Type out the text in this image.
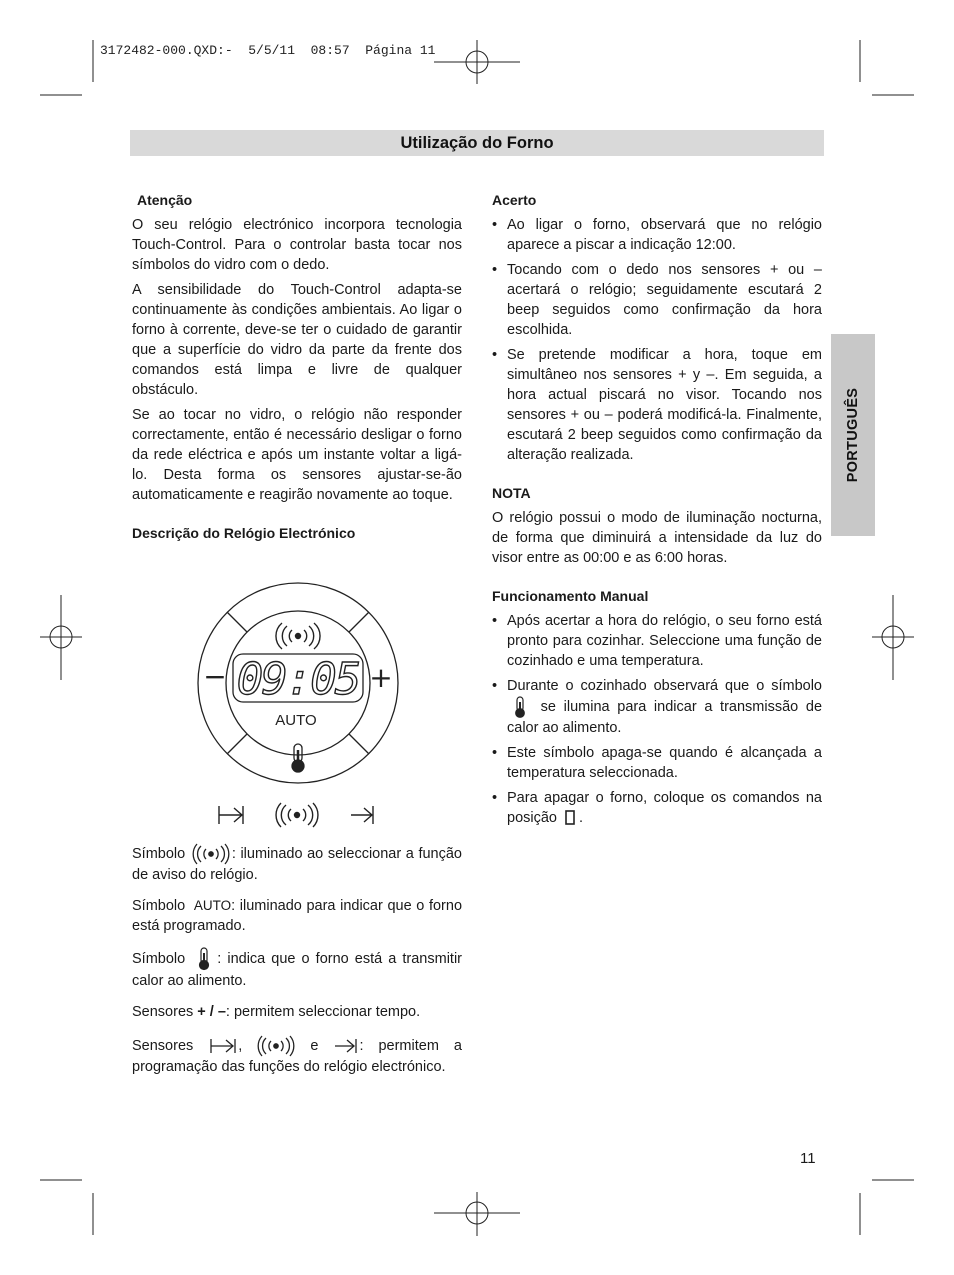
3172482-000.QXD:-  5/5/11  08:57  Página 11
Utilização do Forno
PORTUGUÊS
Atenção

O seu relógio electrónico incorpora tecnologia Touch-Control. Para o controlar basta tocar nos símbolos do vidro com o dedo.

A sensibilidade do Touch-Control adapta-se continuamente às condições ambientais. Ao ligar o forno à corrente, deve-se ter o cuidado de garantir que a superfície do vidro da parte da frente dos comandos está limpa e livre de qualquer obstáculo.

Se ao tocar no vidro, o relógio não responder correctamente, então é necessário desligar o forno da rede eléctrica e após um instante voltar a ligá-lo. Desta forma os sensores ajustar-se-ão automaticamente e reagirão novamente ao toque.

Descrição do Relógio Electrónico
09:05
−	+
AUTO

Símbolo	: iluminado ao seleccionar a função de aviso do relógio.

Símbolo AUTO: iluminado para indicar que o forno está programado.

Símbolo : indica que o forno está a transmitir calor ao alimento.

Sensores + / –: permitem seleccionar tempo.

Sensores	,	e	: permitem a programação das funções do relógio electrónico.

Acerto
• Ao ligar o forno, observará que no relógio aparece a piscar a indicação 12:00.
• Tocando com o dedo nos sensores + ou – acertará o relógio; seguidamente escutará 2 beep seguidos como confirmação da hora escolhida.
• Se pretende modificar a hora, toque em simultâneo nos sensores + y –. Em seguida, a hora actual piscará no visor. Tocando nos sensores + ou – poderá modificá-la. Finalmente, escutará 2 beep seguidos como confirmação da alteração realizada.
NOTA

O relógio possui o modo de iluminação nocturna, de forma que diminuirá a intensidade da luz do visor entre as 00:00 e as 6:00 horas.

Funcionamento Manual
• Após acertar a hora do relógio, o seu forno está pronto para cozinhar. Seleccione uma função de cozinhado e uma temperatura.
• Durante o cozinhado observará que o símbolo  se ilumina para indicar a transmissão de calor ao alimento.
• Este símbolo apaga-se quando é alcançada a temperatura seleccionada.
• Para apagar o forno, coloque os comandos na posição .
11
